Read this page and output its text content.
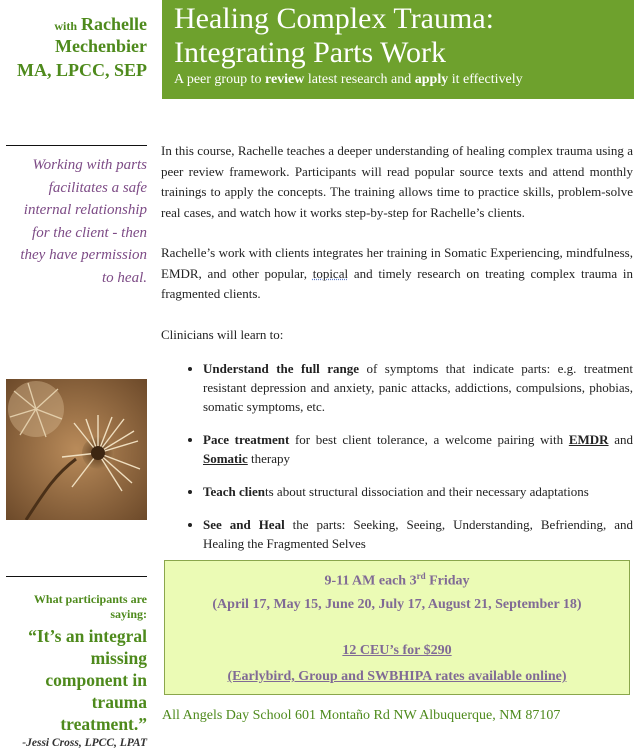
with Rachelle
Mechenbier
MA, LPCC, SEP
Working with parts facilitates a safe internal relationship for the client - then they have permission to heal.
What participants are saying:
“It’s an integral missing component in trauma treatment.”
-Jessi Cross, LPCC, LPAT
Healing Complex Trauma:
Integrating Parts Work
A peer group to review latest research and apply it effectively

In this course, Rachelle teaches a deeper understanding of healing complex trauma using a peer review framework. Participants will read popular source texts and attend monthly trainings to apply the concepts. The training allows time to practice skills, problem-solve real cases, and watch how it works step-by-step for Rachelle’s clients.

Rachelle’s work with clients integrates her training in Somatic Experiencing, mindfulness, EMDR, and other popular, topical and timely research on treating complex trauma in fragmented clients.

Clinicians will learn to:
• Understand the full range of symptoms that indicate parts: e.g. treatment resistant depression and anxiety, panic attacks, addictions, compulsions, phobias, somatic symptoms, etc.
• Pace treatment for best client tolerance, a welcome pairing with EMDR and Somatic therapy
• Teach clients about structural dissociation and their necessary adaptations
• See and Heal the parts: Seeking, Seeing, Understanding, Befriending, and Healing the Fragmented Selves
9-11 AM each 3rd Friday
(April 17, May 15, June 20, July 17, August 21, September 18)
12 CEU’s for $290
(Earlybird, Group and SWBHIPA rates available online)
All Angels Day School 601 Montaño Rd NW Albuquerque, NM 87107
